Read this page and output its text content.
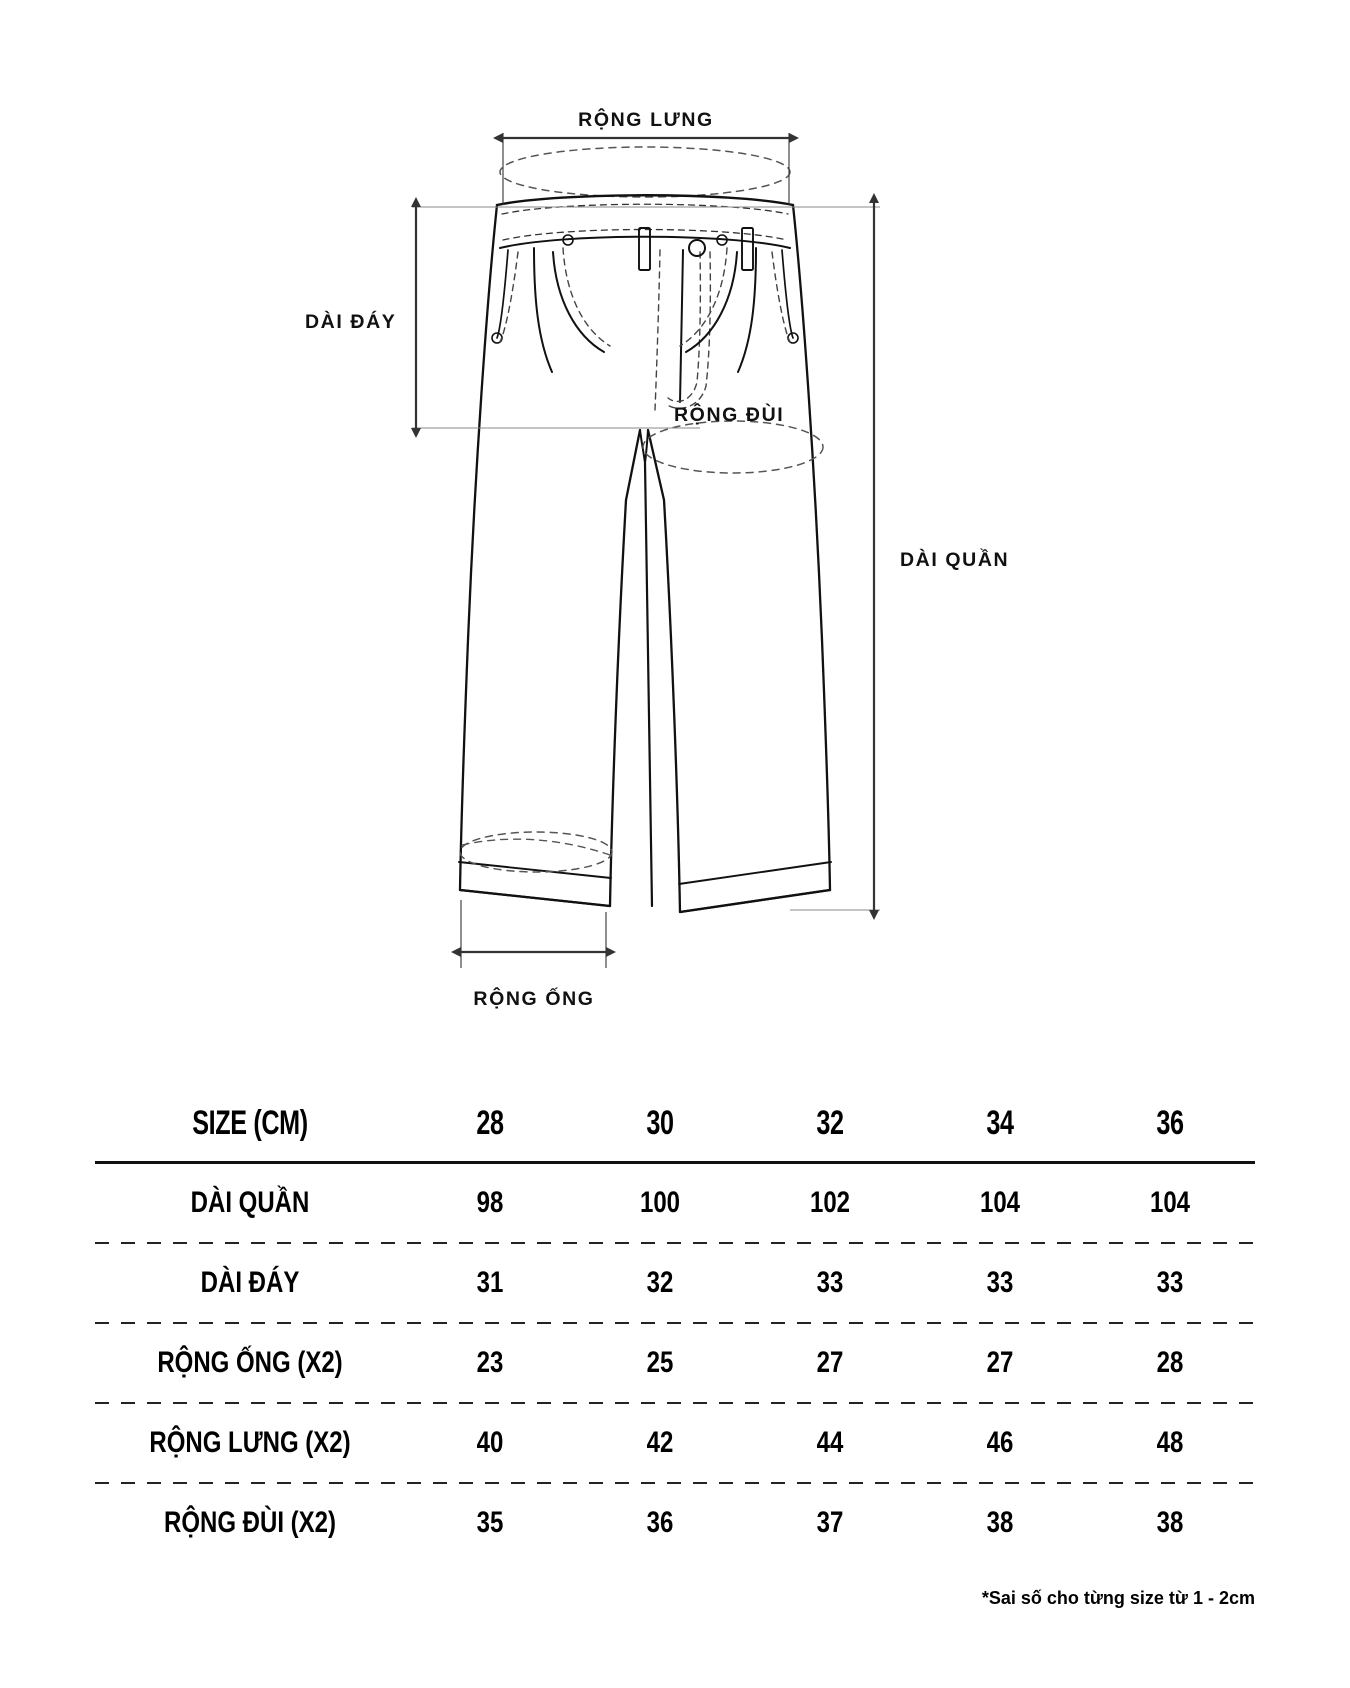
RỘNG LƯNG
DÀI ĐÁY
RỘNG ĐÙI
DÀI QUẦN
RỘNG ỐNG
SIZE (CM)	28	30	32	34	36
DÀI QUẦN	98	100	102	104	104

DÀI ĐÁY	31	32	33	33	33

RỘNG ỐNG (X2)	23	25	27	27	28

RỘNG LƯNG (X2)	40	42	44	46	48

RỘNG ĐÙI (X2)	35	36	37	38	38
*Sai số cho từng size từ 1 - 2cm
